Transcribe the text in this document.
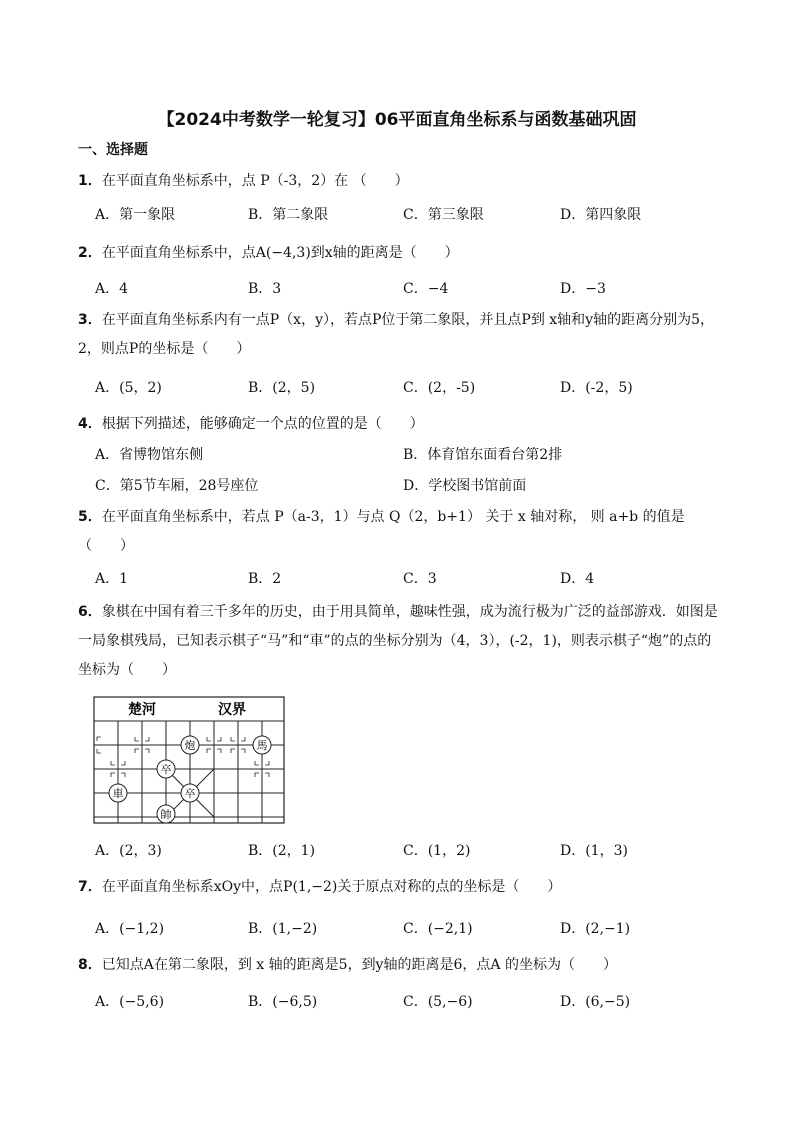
【2024中考数学一轮复习】06平面直角坐标系与函数基础巩固
一、选择题
1．在平面直角坐标系中，点 P（-3，2）在 （　　）
A．第一象限	B．第二象限	C．第三象限	D．第四象限
2．在平面直角坐标系中，点A(−4,3)到x轴的距离是（　　）
A．4	B．3	C．−4	D．−3
3．在平面直角坐标系内有一点P（x，y），若点P位于第二象限，并且点P到 x轴和y轴的距离分别为5，2，则点P的坐标是（　　）
A．(5，2)	B．(2，5)	C．(2，-5)	D．(-2，5)
4．根据下列描述，能够确定一个点的位置的是（　　）
A．省博物馆东侧	B．体育馆东面看台第2排
C．第5节车厢，28号座位	D．学校图书馆前面
5．在平面直角坐标系中，若点 P（a-3，1）与点 Q（2，b+1） 关于 x 轴对称， 则 a+b 的值是 （　　）
A．1	B．2	C．3	D．4
6．象棋在中国有着三千多年的历史，由于用具简单，趣味性强，成为流行极为广泛的益部游戏．如图是一局象棋残局，已知表示棋子“马”和“車”的点的坐标分别为（4，3），(-2，1)，则表示棋子“炮”的点的坐标为（　　）
楚河	汉界
炮	馬
卒
卒
車
帥
A．(2，3)	B．(2，1)	C．(1，2)	D．(1，3)
7．在平面直角坐标系xOy中，点P(1,−2)关于原点对称的点的坐标是（　　）
A．(−1,2)	B．(1,−2)	C．(−2,1)	D．(2,−1)
8．已知点A在第二象限，到 x 轴的距离是5，到y轴的距离是6，点A 的坐标为（　　）
A．(−5,6)	B．(−6,5)	C．(5,−6)	D．(6,−5)
